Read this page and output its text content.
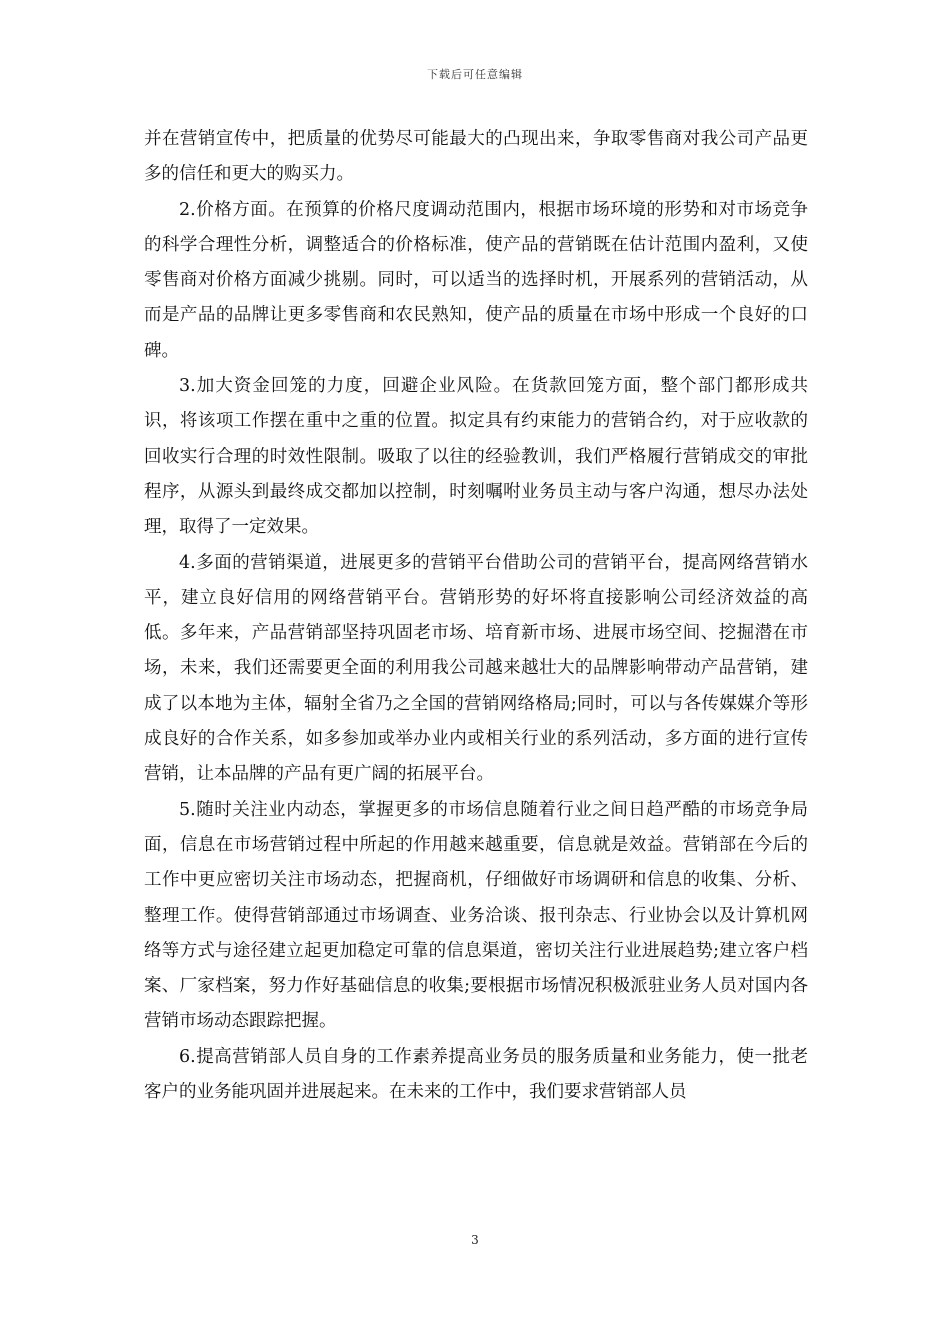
下载后可任意编辑

并在营销宣传中，把质量的优势尽可能最大的凸现出来，争取零售商对我公司产品更多的信任和更大的购买力。

2.价格方面。在预算的价格尺度调动范围内，根据市场环境的形势和对市场竞争的科学合理性分析，调整适合的价格标准，使产品的营销既在估计范围内盈利，又使零售商对价格方面减少挑剔。同时，可以适当的选择时机，开展系列的营销活动，从而是产品的品牌让更多零售商和农民熟知，使产品的质量在市场中形成一个良好的口碑。

3.加大资金回笼的力度，回避企业风险。在货款回笼方面，整个部门都形成共识，将该项工作摆在重中之重的位置。拟定具有约束能力的营销合约，对于应收款的回收实行合理的时效性限制。吸取了以往的经验教训，我们严格履行营销成交的审批程序，从源头到最终成交都加以控制，时刻嘱咐业务员主动与客户沟通，想尽办法处理，取得了一定效果。

4.多面的营销渠道，进展更多的营销平台借助公司的营销平台，提高网络营销水平，建立良好信用的网络营销平台。营销形势的好坏将直接影响公司经济效益的高低。多年来，产品营销部坚持巩固老市场、培育新市场、进展市场空间、挖掘潜在市场，未来，我们还需要更全面的利用我公司越来越壮大的品牌影响带动产品营销，建成了以本地为主体，辐射全省乃之全国的营销网络格局;同时，可以与各传媒媒介等形成良好的合作关系，如多参加或举办业内或相关行业的系列活动，多方面的进行宣传营销，让本品牌的产品有更广阔的拓展平台。

5.随时关注业内动态，掌握更多的市场信息随着行业之间日趋严酷的市场竞争局面，信息在市场营销过程中所起的作用越来越重要，信息就是效益。营销部在今后的工作中更应密切关注市场动态，把握商机，仔细做好市场调研和信息的收集、分析、整理工作。使得营销部通过市场调查、业务洽谈、报刊杂志、行业协会以及计算机网络等方式与途径建立起更加稳定可靠的信息渠道，密切关注行业进展趋势;建立客户档案、厂家档案，努力作好基础信息的收集;要根据市场情况积极派驻业务人员对国内各营销市场动态跟踪把握。

6.提高营销部人员自身的工作素养提高业务员的服务质量和业务能力，使一批老客户的业务能巩固并进展起来。在未来的工作中，我们要求营销部人员

3
